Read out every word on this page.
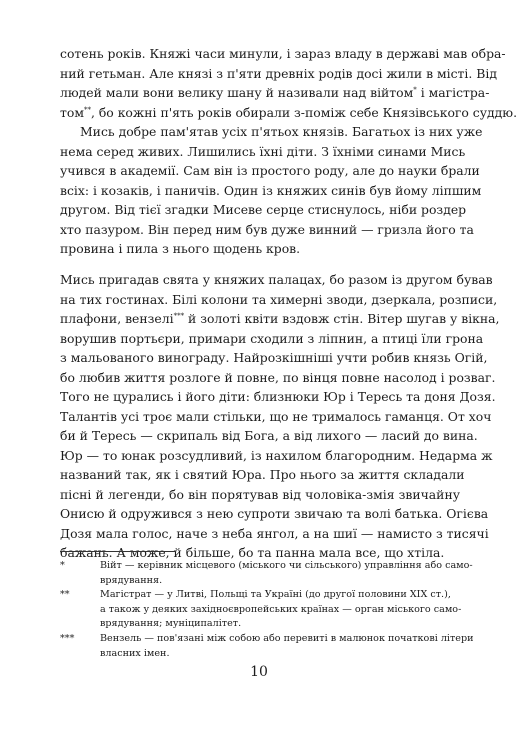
сотень років. Княжі часи минули, і зараз владу в державі мав обра-
ний гетьман. Але князі з п'яти древніх родів досі жили в місті. Від
людей мали вони велику шану й називали над війтом* і магістра-
том**, бо кожні п'ять років обирали з-поміж себе Князівського суддю.
Мись добре пам'ятав усіх п'ятьох князів. Багатьох із них уже
нема серед живих. Лишились їхні діти. З їхніми синами Мись
учився в академії. Сам він із простого роду, але до науки брали
всіх: і козаків, і паничів. Один із княжих синів був йому ліпшим
другом. Від тієї згадки Мисеве серце стиснулось, ніби роздер
хто пазуром. Він перед ним був дуже винний — гризла його та
провина і пила з нього щодень кров.
Мись пригадав свята у княжих палацах, бо разом із другом бував
на тих гостинах. Білі колони та химерні зводи, дзеркала, розписи,
плафони, вензелі*** й золоті квіти вздовж стін. Вітер шугав у вікна,
ворушив портьєри, примари сходили з ліпнин, а птиці їли грона
з мальованого винограду. Найрозкішніші учти робив князь Огій,
бо любив життя розлоге й повне, по вінця повне насолод і розваг.
Того не цурались і його діти: близнюки Юр і Тересь та доня Дозя.
Талантів усі троє мали стільки, що не трималось гаманця. От хоч
би й Тересь — скрипаль від Бога, а від лихого — ласий до вина.
Юр — то юнак розсудливий, із нахилом благородним. Недарма ж
названий так, як і святий Юра. Про нього за життя складали
пісні й легенди, бо він порятував від чоловіка-змія звичайну
Онисю й одружився з нею супроти звичаю та волі батька. Огієва
Дозя мала голос, наче з неба янгол, а на шиї — намисто з тисячі
бажань. А може, й більше, бо та панна мала все, що хтіла.
*	Війт — керівник місцевого (міського чи сільського) управління або само-
врядування.
**	Магістрат — у Литві, Польщі та Україні (до другої половини XIX ст.),
а також у деяких західноєвропейських країнах — орган міського само-
врядування; муніципалітет.
***	Вензель — пов'язані між собою або перевиті в малюнок початкові літери
власних імен.
10
